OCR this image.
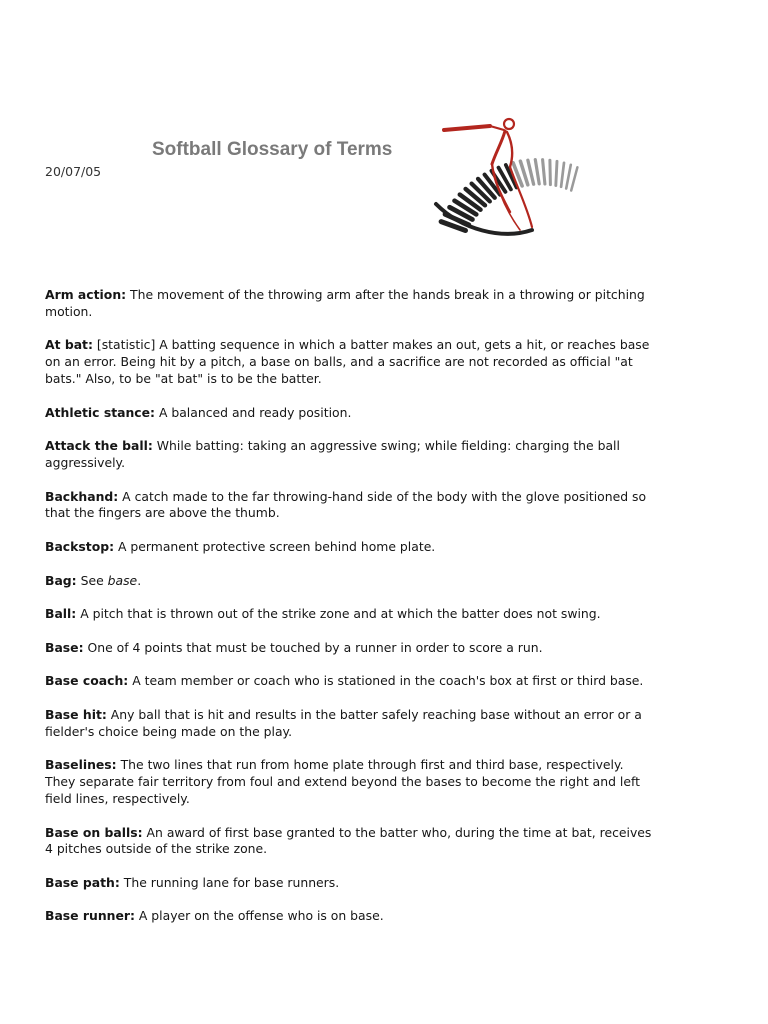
Softball Glossary of Terms
20/07/05

Arm action: The movement of the throwing arm after the hands break in a throwing or pitching motion.

At bat: [statistic] A batting sequence in which a batter makes an out, gets a hit, or reaches base on an error. Being hit by a pitch, a base on balls, and a sacrifice are not recorded as official "at bats." Also, to be "at bat" is to be the batter.

Athletic stance: A balanced and ready position.

Attack the ball: While batting: taking an aggressive swing; while fielding: charging the ball aggressively.

Backhand: A catch made to the far throwing-hand side of the body with the glove positioned so that the fingers are above the thumb.

Backstop: A permanent protective screen behind home plate.

Bag: See base.

Ball: A pitch that is thrown out of the strike zone and at which the batter does not swing.

Base: One of 4 points that must be touched by a runner in order to score a run.

Base coach: A team member or coach who is stationed in the coach's box at first or third base.

Base hit: Any ball that is hit and results in the batter safely reaching base without an error or a fielder's choice being made on the play.

Baselines: The two lines that run from home plate through first and third base, respectively. They separate fair territory from foul and extend beyond the bases to become the right and left field lines, respectively.

Base on balls: An award of first base granted to the batter who, during the time at bat, receives 4 pitches outside of the strike zone.

Base path: The running lane for base runners.

Base runner: A player on the offense who is on base.
